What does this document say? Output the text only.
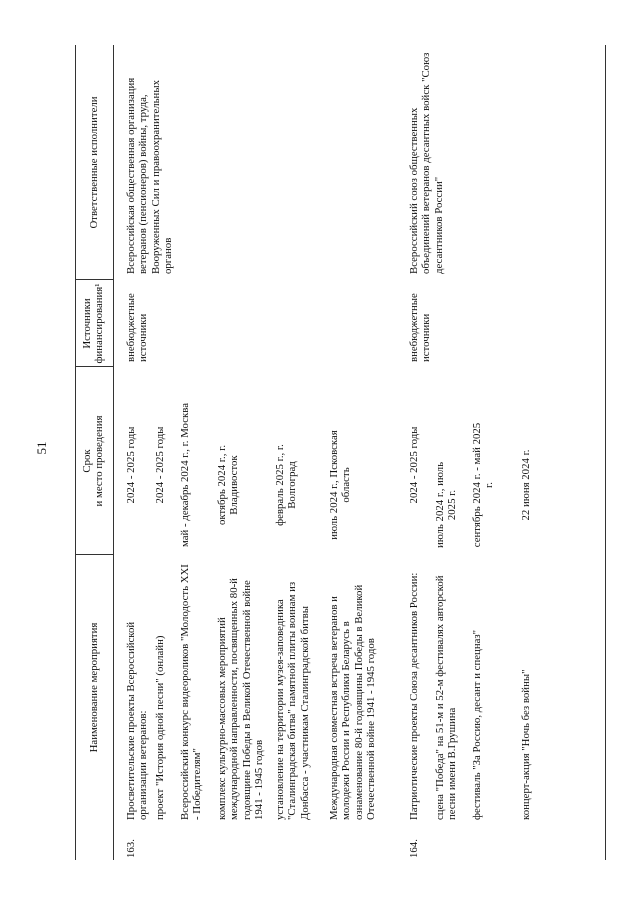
51
Наименование мероприятия
Срок и место проведения
Источники финансирования¹
Ответственные исполнители
163.
Просветительские проекты Всероссийской организации ветеранов:
2024 - 2025 годы
проект "История одной песни" (онлайн)
2024 - 2025 годы
Всероссийский конкурс видеороликов "Молодость XXI - Победителям"
май - декабрь 2024 г., г. Москва
комплекс культурно-массовых мероприятий международной направленности, посвященных 80-й годовщине Победы в Великой Отечественной войне 1941 - 1945 годов
октябрь 2024 г., г. Владивосток
установление на территории музея-заповедника "Сталинградская битва" памятной плиты воинам из Донбасса - участникам Сталинградской битвы
февраль 2025 г., г. Волгоград
Международная совместная встреча ветеранов и молодежи России и Республики Беларусь в ознаменование 80-й годовщины Победы в Великой Отечественной войне 1941 - 1945 годов
июль 2024 г., Псковская область
внебюджетные источники
Всероссийская общественная организация ветеранов (пенсионеров) войны, труда, Вооруженных Сил и правоохранительных органов
164.
Патриотические проекты Союза десантников России:
2024 - 2025 годы
сцена "Победа" на 51-м и 52-м фестивалях авторской песни имени В.Грушина
июль 2024 г., июль 2025 г.
фестиваль "За Россию, десант и спецназ"
сентябрь 2024 г. - май 2025 г.
концерт-акция "Ночь без войны"
22 июня 2024 г.
внебюджетные источники
Всероссийский союз общественных объединений ветеранов десантных войск "Союз десантников России"
